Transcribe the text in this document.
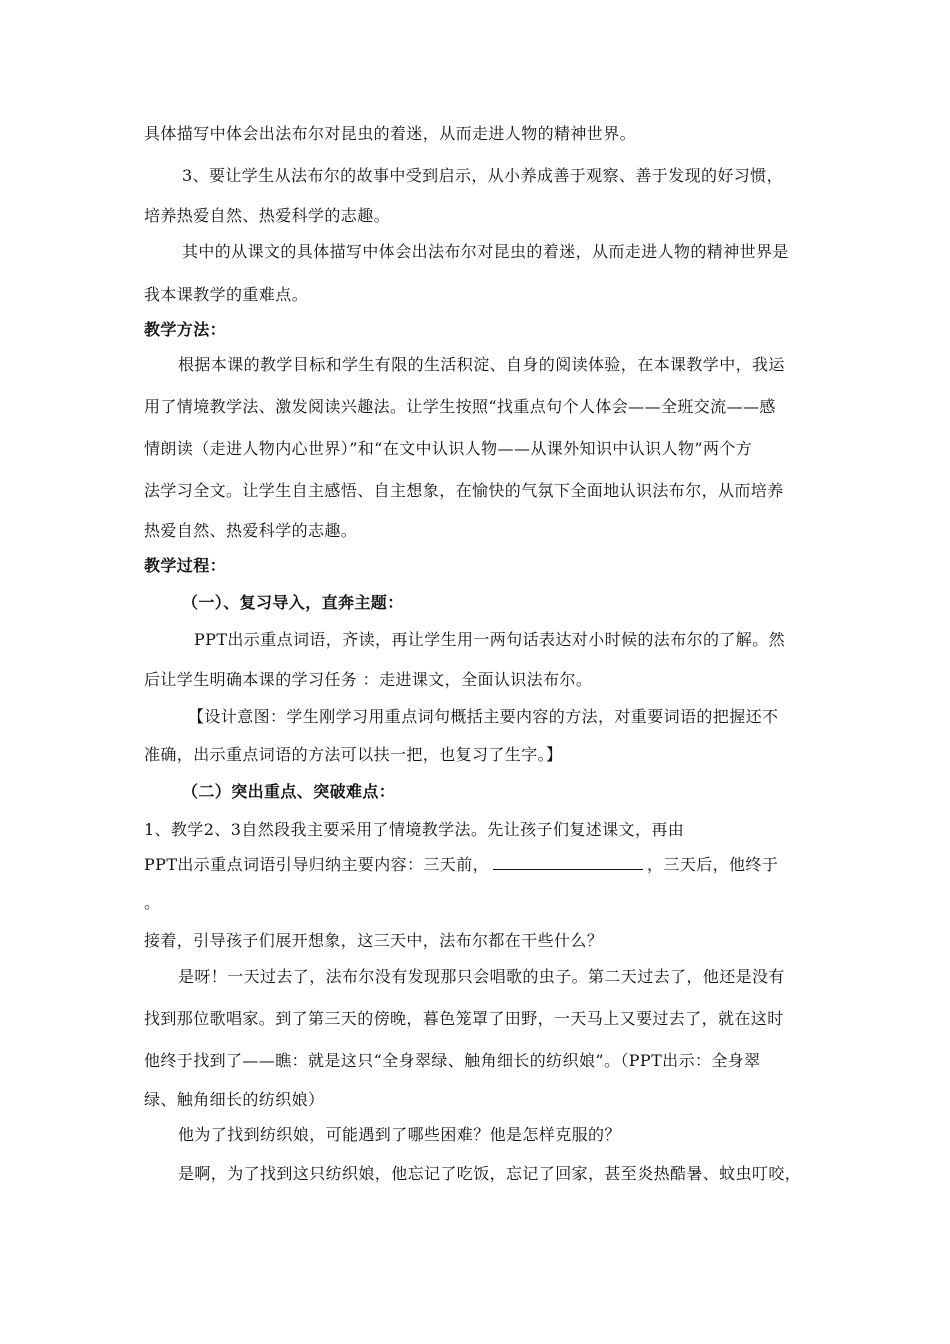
具体描写中体会出法布尔对昆虫的着迷，从而走进人物的精神世界。
3、要让学生从法布尔的故事中受到启示，从小养成善于观察、善于发现的好习惯，
培养热爱自然、热爱科学的志趣。
其中的从课文的具体描写中体会出法布尔对昆虫的着迷，从而走进人物的精神世界是
我本课教学的重难点。
教学方法：
根据本课的教学目标和学生有限的生活积淀、自身的阅读体验，在本课教学中，我运
用了情境教学法、激发阅读兴趣法。让学生按照“找重点句个人体会——全班交流——感
情朗读（走进人物内心世界）”和“在文中认识人物——从课外知识中认识人物”两个方
法学习全文。让学生自主感悟、自主想象，在愉快的气氛下全面地认识法布尔，从而培养
热爱自然、热爱科学的志趣。
教学过程：
（一）、复习导入，直奔主题：
PPT出示重点词语，齐读，再让学生用一两句话表达对小时候的法布尔的了解。然
后让学生明确本课的学习任务 ：走进课文，全面认识法布尔。
【设计意图：学生刚学习用重点词句概括主要内容的方法，对重要词语的把握还不
准确，出示重点词语的方法可以扶一把，也复习了生字。】
（二）突出重点、突破难点：
1、教学2、3自然段我主要采用了情境教学法。先让孩子们复述课文，再由
PPT出示重点词语引导归纳主要内容：三天前，	，三天后，他终于
。
接着，引导孩子们展开想象，这三天中，法布尔都在干些什么？
是呀！一天过去了，法布尔没有发现那只会唱歌的虫子。第二天过去了，他还是没有
找到那位歌唱家。到了第三天的傍晚，暮色笼罩了田野，一天马上又要过去了，就在这时
他终于找到了——瞧：就是这只“全身翠绿、触角细长的纺织娘”。（PPT出示：全身翠
绿、触角细长的纺织娘）
他为了找到纺织娘，可能遇到了哪些困难？他是怎样克服的？
是啊，为了找到这只纺织娘，他忘记了吃饭，忘记了回家，甚至炎热酷暑、蚊虫叮咬，
